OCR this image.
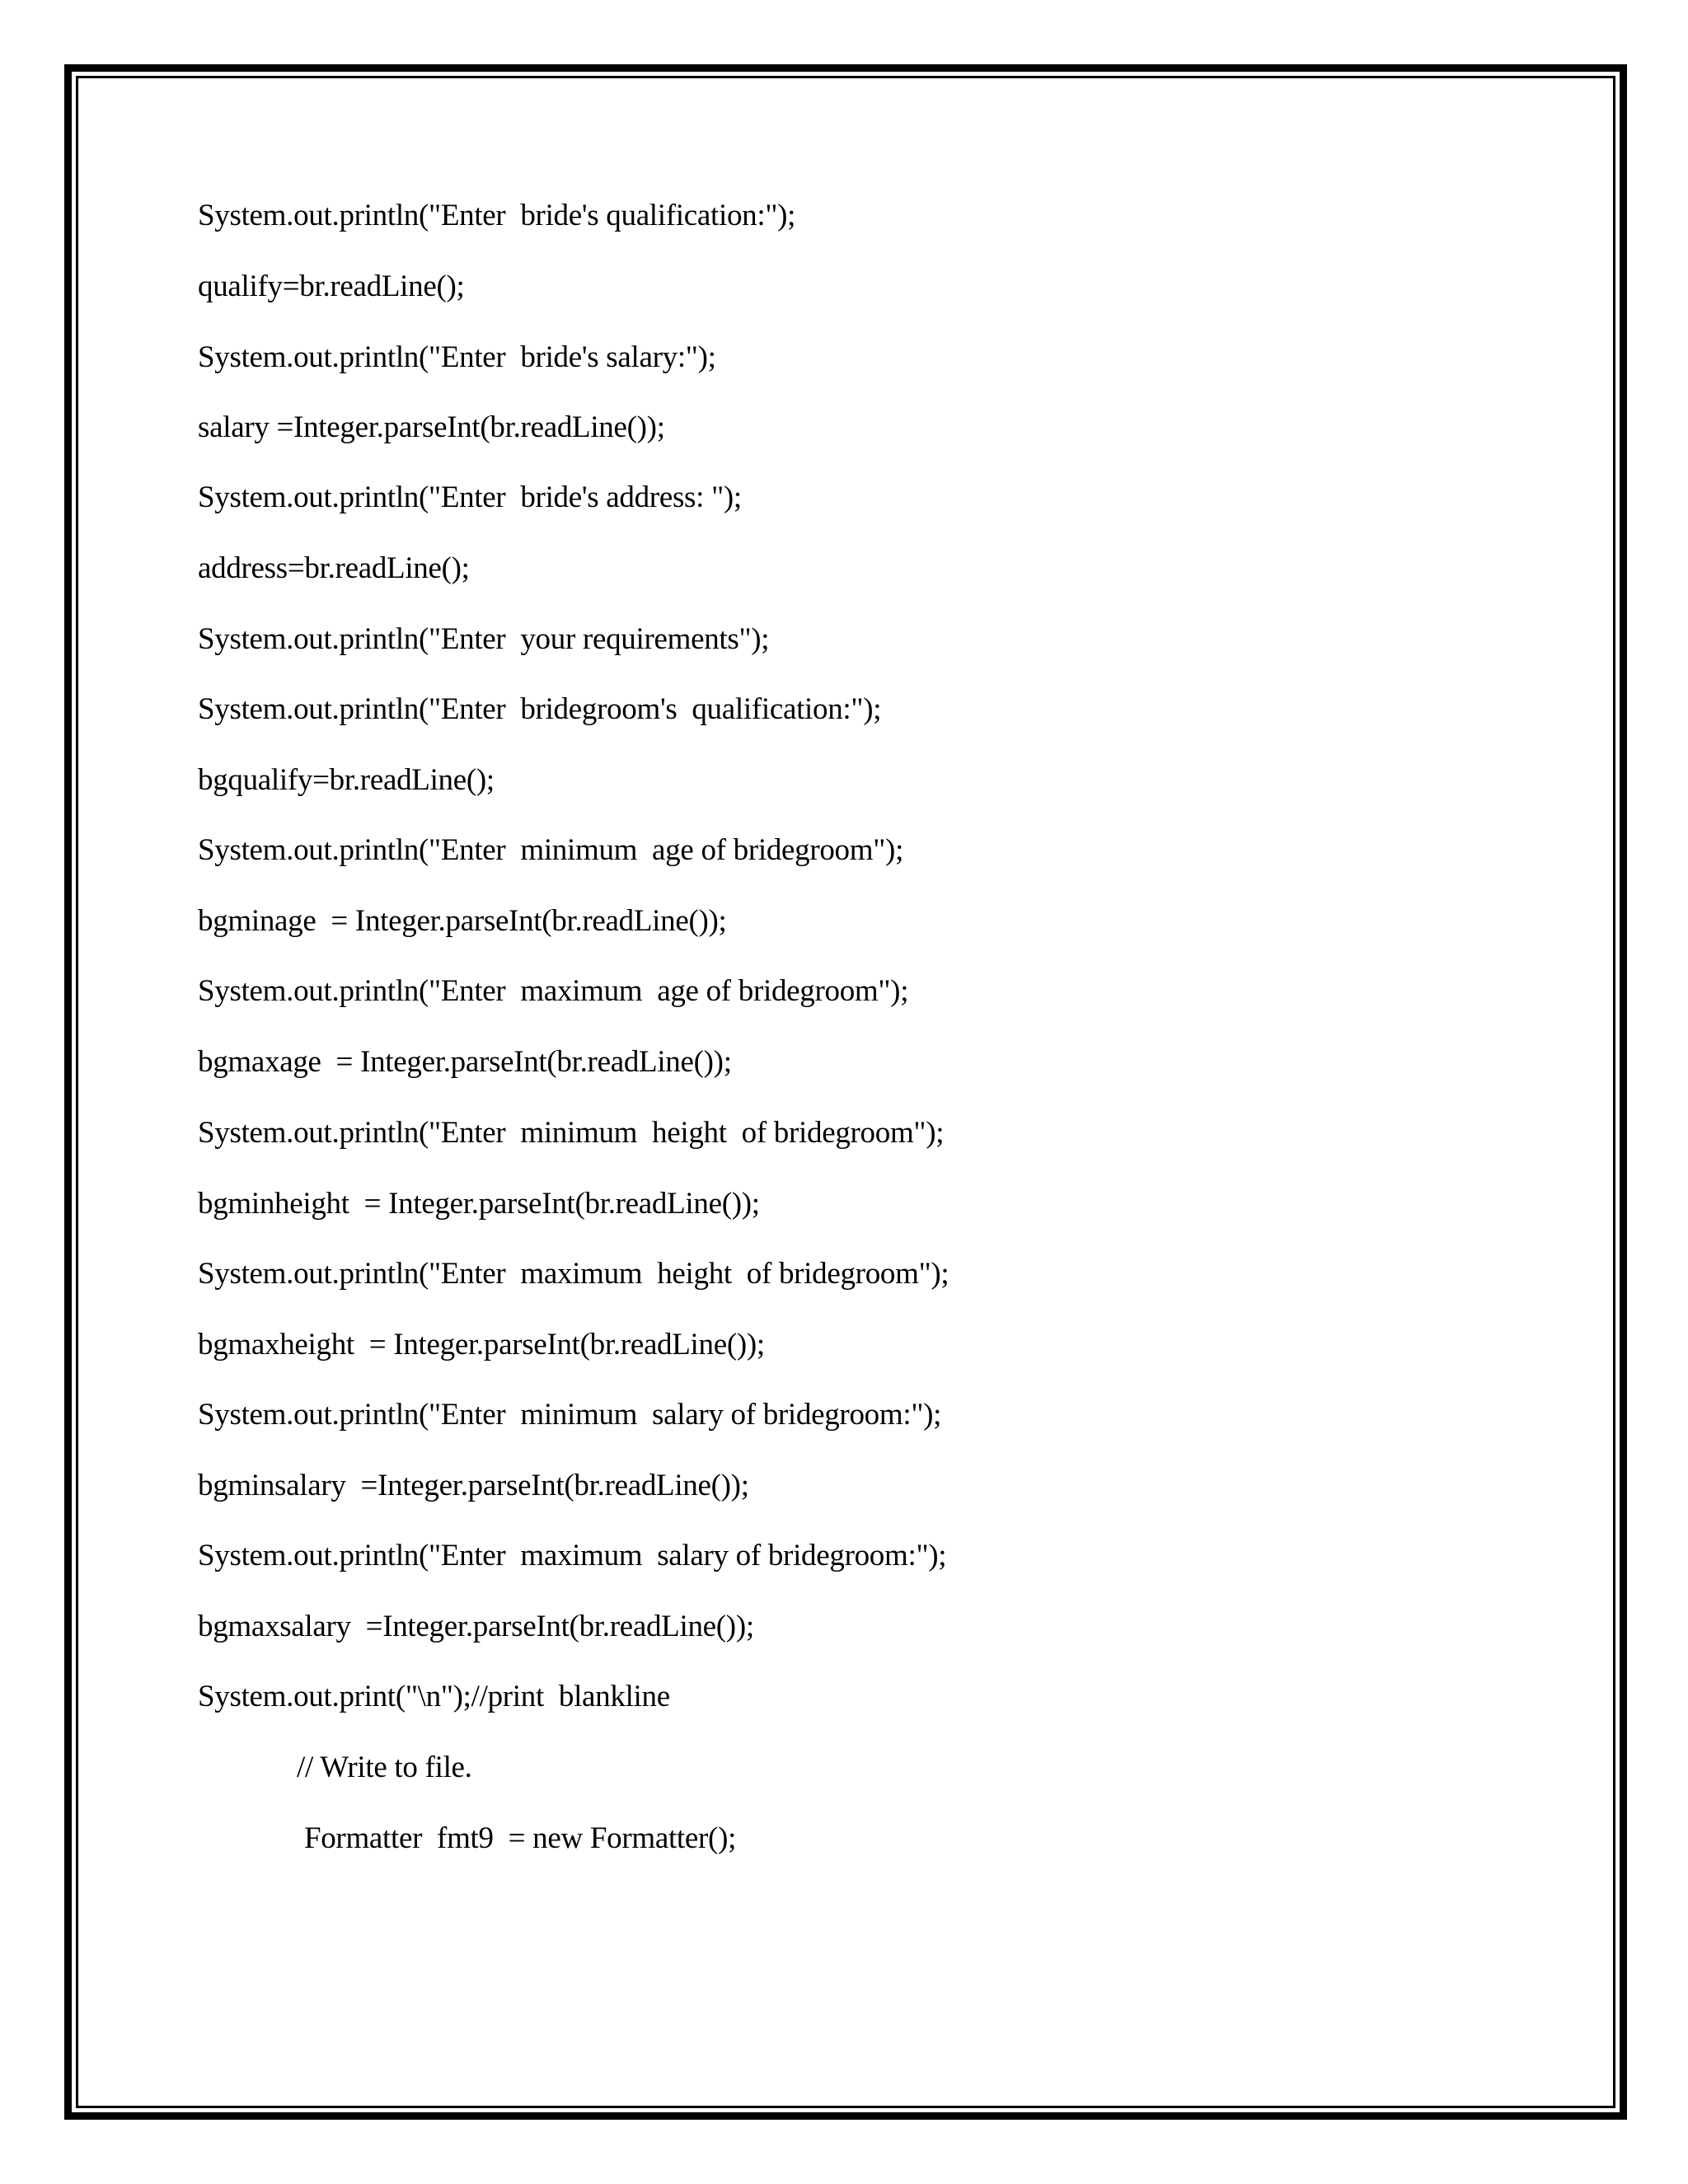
System.out.println("Enter  bride's qualification:");
qualify=br.readLine();
System.out.println("Enter  bride's salary:");
salary =Integer.parseInt(br.readLine());
System.out.println("Enter  bride's address: ");
address=br.readLine();
System.out.println("Enter  your requirements");
System.out.println("Enter  bridegroom's  qualification:");
bgqualify=br.readLine();
System.out.println("Enter  minimum  age of bridegroom");
bgminage  = Integer.parseInt(br.readLine());
System.out.println("Enter  maximum  age of bridegroom");
bgmaxage  = Integer.parseInt(br.readLine());
System.out.println("Enter  minimum  height  of bridegroom");
bgminheight  = Integer.parseInt(br.readLine());
System.out.println("Enter  maximum  height  of bridegroom");
bgmaxheight  = Integer.parseInt(br.readLine());
System.out.println("Enter  minimum  salary of bridegroom:");
bgminsalary  =Integer.parseInt(br.readLine());
System.out.println("Enter  maximum  salary of bridegroom:");
bgmaxsalary  =Integer.parseInt(br.readLine());
System.out.print("\n");//print  blankline
// Write to file.
Formatter  fmt9  = new Formatter();
